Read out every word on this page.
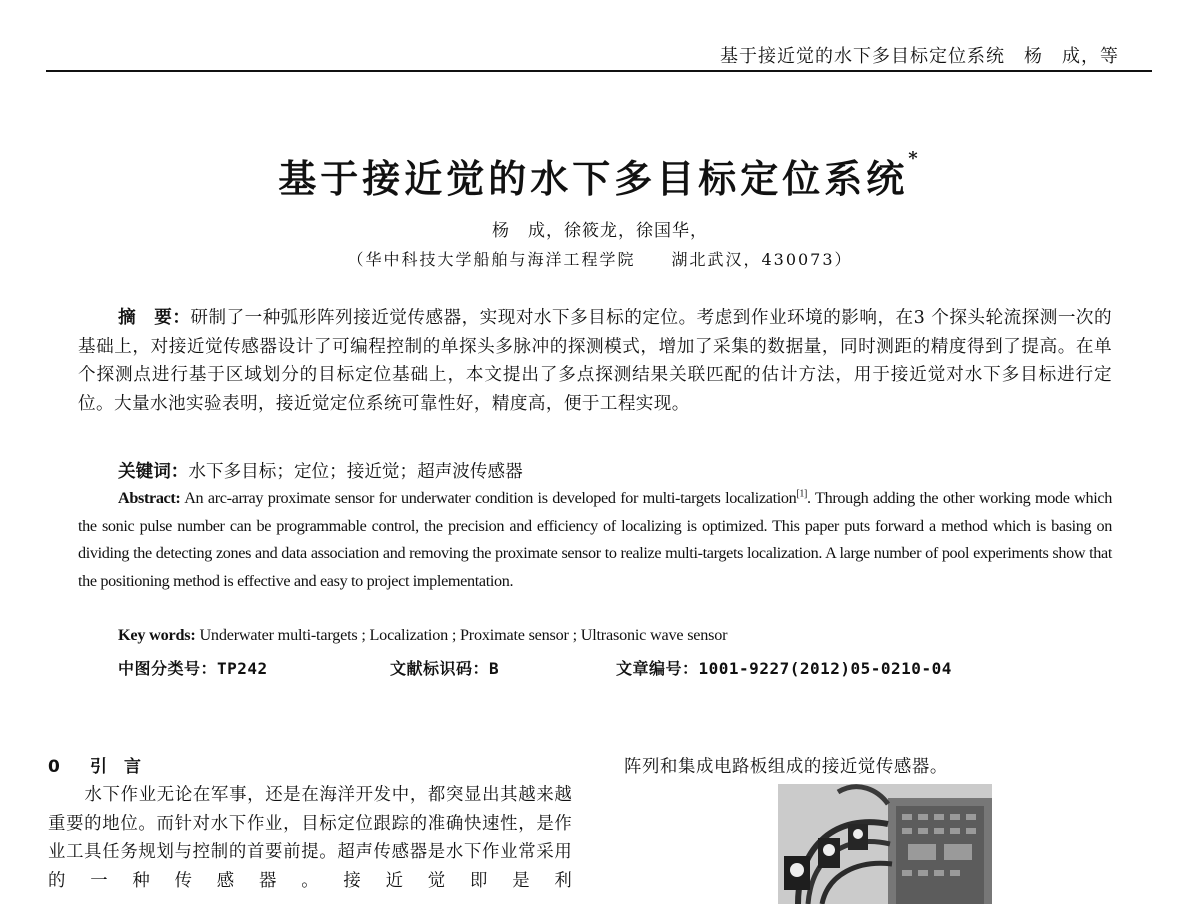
基于接近觉的水下多目标定位系统　杨　成，等
基于接近觉的水下多目标定位系统*
杨　成，徐筱龙，徐国华，
（华中科技大学船舶与海洋工程学院 湖北武汉，430073）
摘　要：研制了一种弧形阵列接近觉传感器，实现对水下多目标的定位。考虑到作业环境的影响，在3 个探头轮流探测一次的基础上，对接近觉传感器设计了可编程控制的单探头多脉冲的探测模式，增加了采集的数据量，同时测距的精度得到了提高。在单个探测点进行基于区域划分的目标定位基础上，本文提出了多点探测结果关联匹配的估计方法，用于接近觉对水下多目标进行定位。大量水池实验表明，接近觉定位系统可靠性好，精度高，便于工程实现。
关键词：水下多目标；定位；接近觉；超声波传感器
Abstract: An arc-array proximate sensor for underwater condition is developed for multi-targets localization[1]. Through adding the other working mode which the sonic pulse number can be programmable control, the precision and efficiency of localizing is optimized. This paper puts forward a method which is basing on dividing the detecting zones and data association and removing the proximate sensor to realize multi-targets localization. A large number of pool experiments show that the positioning method is effective and easy to project implementation.
Key words: Underwater multi-targets ; Localization ; Proximate sensor ; Ultrasonic wave sensor
中图分类号：TP242	文献标识码：B	文章编号：1001-9227(2012)05-0210-04
0 引　言
水下作业无论在军事，还是在海洋开发中，都突显出其越来越重要的地位。而针对水下作业，目标定位跟踪的准确快速性，是作业工具任务规划与控制的首要前提。超声传感器是水下作业常采用的一种传感器。接近觉即是利
阵列和集成电路板组成的接近觉传感器。
